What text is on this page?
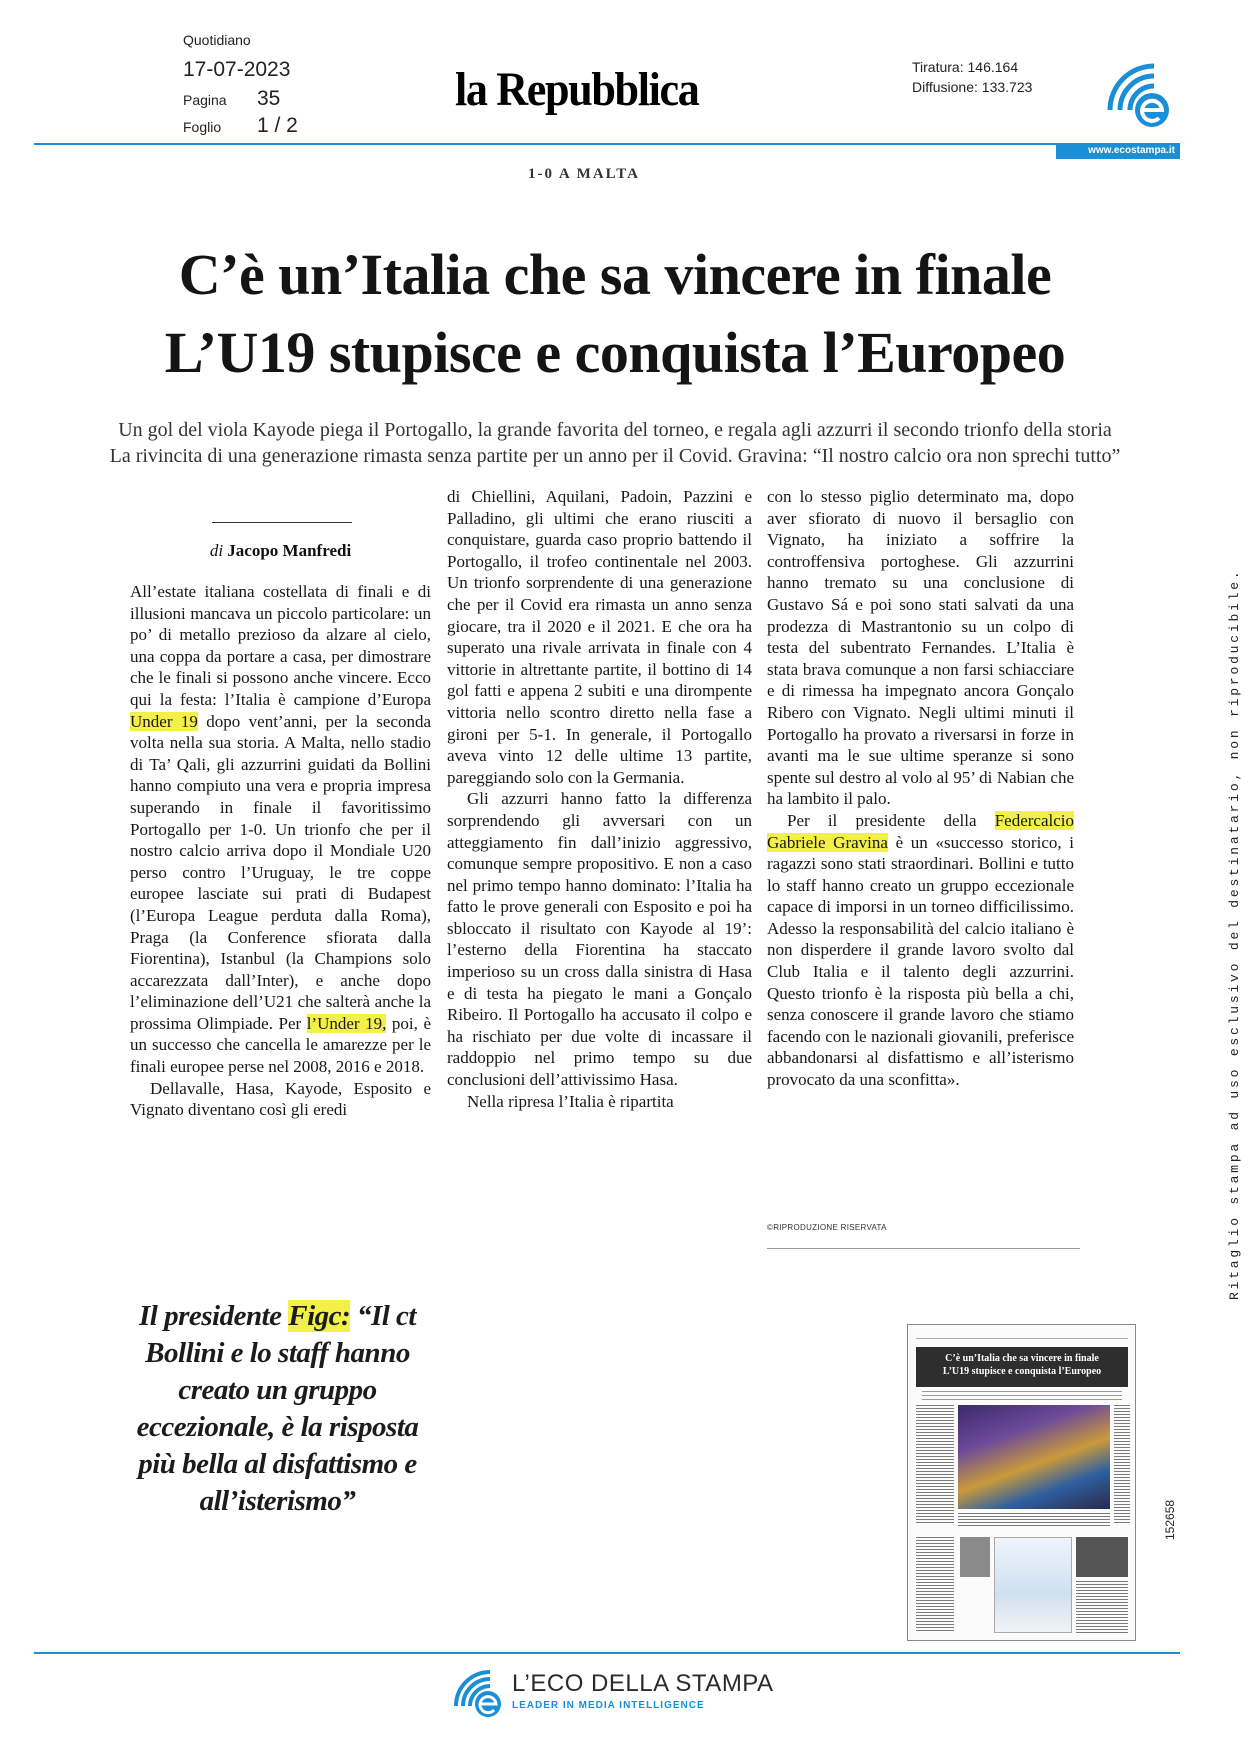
Quotidiano
17-07-2023
Pagina 35
Foglio 1 / 2
la Repubblica	Tiratura: 146.164
Diffusione: 133.723
www.ecostampa.it
1-0 A MALTA
C’è un’Italia che sa vincere in finale
L’U19 stupisce e conquista l’Europeo
Un gol del viola Kayode piega il Portogallo, la grande favorita del torneo, e regala agli azzurri il secondo trionfo della storia
La rivincita di una generazione rimasta senza partite per un anno per il Covid. Gravina: “Il nostro calcio ora non sprechi tutto”
di Jacopo Manfredi

All’estate italiana costellata di finali e di illusioni mancava un piccolo particolare: un po’ di metallo prezioso da alzare al cielo, una coppa da portare a casa, per dimostrare che le finali si possono anche vincere. Ecco qui la festa: l’Italia è campione d’Europa Under 19 dopo vent’anni, per la seconda volta nella sua storia. A Malta, nello stadio di Ta’ Qali, gli azzurrini guidati da Bollini hanno compiuto una vera e propria impresa superando in finale il favoritissimo Portogallo per 1-0. Un trionfo che per il nostro calcio arriva dopo il Mondiale U20 perso contro l’Uruguay, le tre coppe europee lasciate sui prati di Budapest (l’Europa League perduta dalla Roma), Praga (la Conference sfiorata dalla Fiorentina), Istanbul (la Champions solo accarezzata dall’Inter), e anche dopo l’eliminazione dell’U21 che salterà anche la prossima Olimpiade. Per l’Under 19, poi, è un successo che cancella le amarezze per le finali europee perse nel 2008, 2016 e 2018.

Dellavalle, Hasa, Kayode, Esposito e Vignato diventano così gli eredi

di Chiellini, Aquilani, Padoin, Pazzini e Palladino, gli ultimi che erano riusciti a conquistare, guarda caso proprio battendo il Portogallo, il trofeo continentale nel 2003. Un trionfo sorprendente di una generazione che per il Covid era rimasta un anno senza giocare, tra il 2020 e il 2021. E che ora ha superato una rivale arrivata in finale con 4 vittorie in altrettante partite, il bottino di 14 gol fatti e appena 2 subiti e una dirompente vittoria nello scontro diretto nella fase a gironi per 5-1. In generale, il Portogallo aveva vinto 12 delle ultime 13 partite, pareggiando solo con la Germania.

Gli azzurri hanno fatto la differenza sorprendendo gli avversari con un atteggiamento fin dall’inizio aggressivo, comunque sempre propositivo. E non a caso nel primo tempo hanno dominato: l’Italia ha fatto le prove generali con Esposito e poi ha sbloccato il risultato con Kayode al 19’: l’esterno della Fiorentina ha staccato imperioso su un cross dalla sinistra di Hasa e di testa ha piegato le mani a Gonçalo Ribeiro. Il Portogallo ha accusato il colpo e ha rischiato per due volte di incassare il raddoppio nel primo tempo su due conclusioni dell’attivissimo Hasa.

Nella ripresa l’Italia è ripartita

con lo stesso piglio determinato ma, dopo aver sfiorato di nuovo il bersaglio con Vignato, ha iniziato a soffrire la controffensiva portoghese. Gli azzurrini hanno tremato su una conclusione di Gustavo Sá e poi sono stati salvati da una prodezza di Mastrantonio su un colpo di testa del subentrato Fernandes. L’Italia è stata brava comunque a non farsi schiacciare e di rimessa ha impegnato ancora Gonçalo Ribero con Vignato. Negli ultimi minuti il Portogallo ha provato a riversarsi in forze in avanti ma le sue ultime speranze si sono spente sul destro al volo al 95’ di Nabian che ha lambito il palo.

Per il presidente della Federcalcio Gabriele Gravina è un «successo storico, i ragazzi sono stati straordinari. Bollini e tutto lo staff hanno creato un gruppo eccezionale capace di imporsi in un torneo difficilissimo. Adesso la responsabilità del calcio italiano è non disperdere il grande lavoro svolto dal Club Italia e il talento degli azzurrini. Questo trionfo è la risposta più bella a chi, senza conoscere il grande lavoro che stiamo facendo con le nazionali giovanili, preferisce abbandonarsi al disfattismo e all’isterismo provocato da una sconfitta».

©RIPRODUZIONE RISERVATA
Il presidente Figc: “Il ct Bollini e lo staff hanno creato un gruppo eccezionale, è la risposta più bella al disfattismo e all’isterismo”
Ritaglio stampa ad uso esclusivo del destinatario, non riproducibile.
152658
C’è un’Italia che sa vincere in finale
L’U19 stupisce e conquista l’Europeo
L’ECO DELLA STAMPA
LEADER IN MEDIA INTELLIGENCE
